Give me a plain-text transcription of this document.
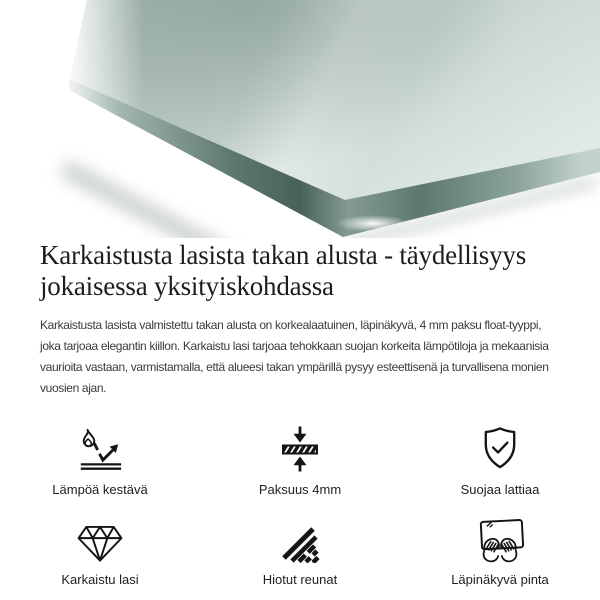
Karkaistusta lasista takan alusta - täydellisyys jokaisessa yksityiskohdassa

Karkaistusta lasista valmistettu takan alusta on korkealaatuinen, läpinäkyvä, 4 mm paksu float-tyyppi, joka tarjoaa elegantin kiillon. Karkaistu lasi tarjoaa tehokkaan suojan korkeita lämpötiloja ja mekaanisia vaurioita vastaan, varmistamalla, että alueesi takan ympärillä pysyy esteettisenä ja turvallisena monien vuosien ajan.

Lämpöä kestävä	Paksuus 4mm	Suojaa lattiaa
Karkaistu lasi	Hiotut reunat	Läpinäkyvä pinta
